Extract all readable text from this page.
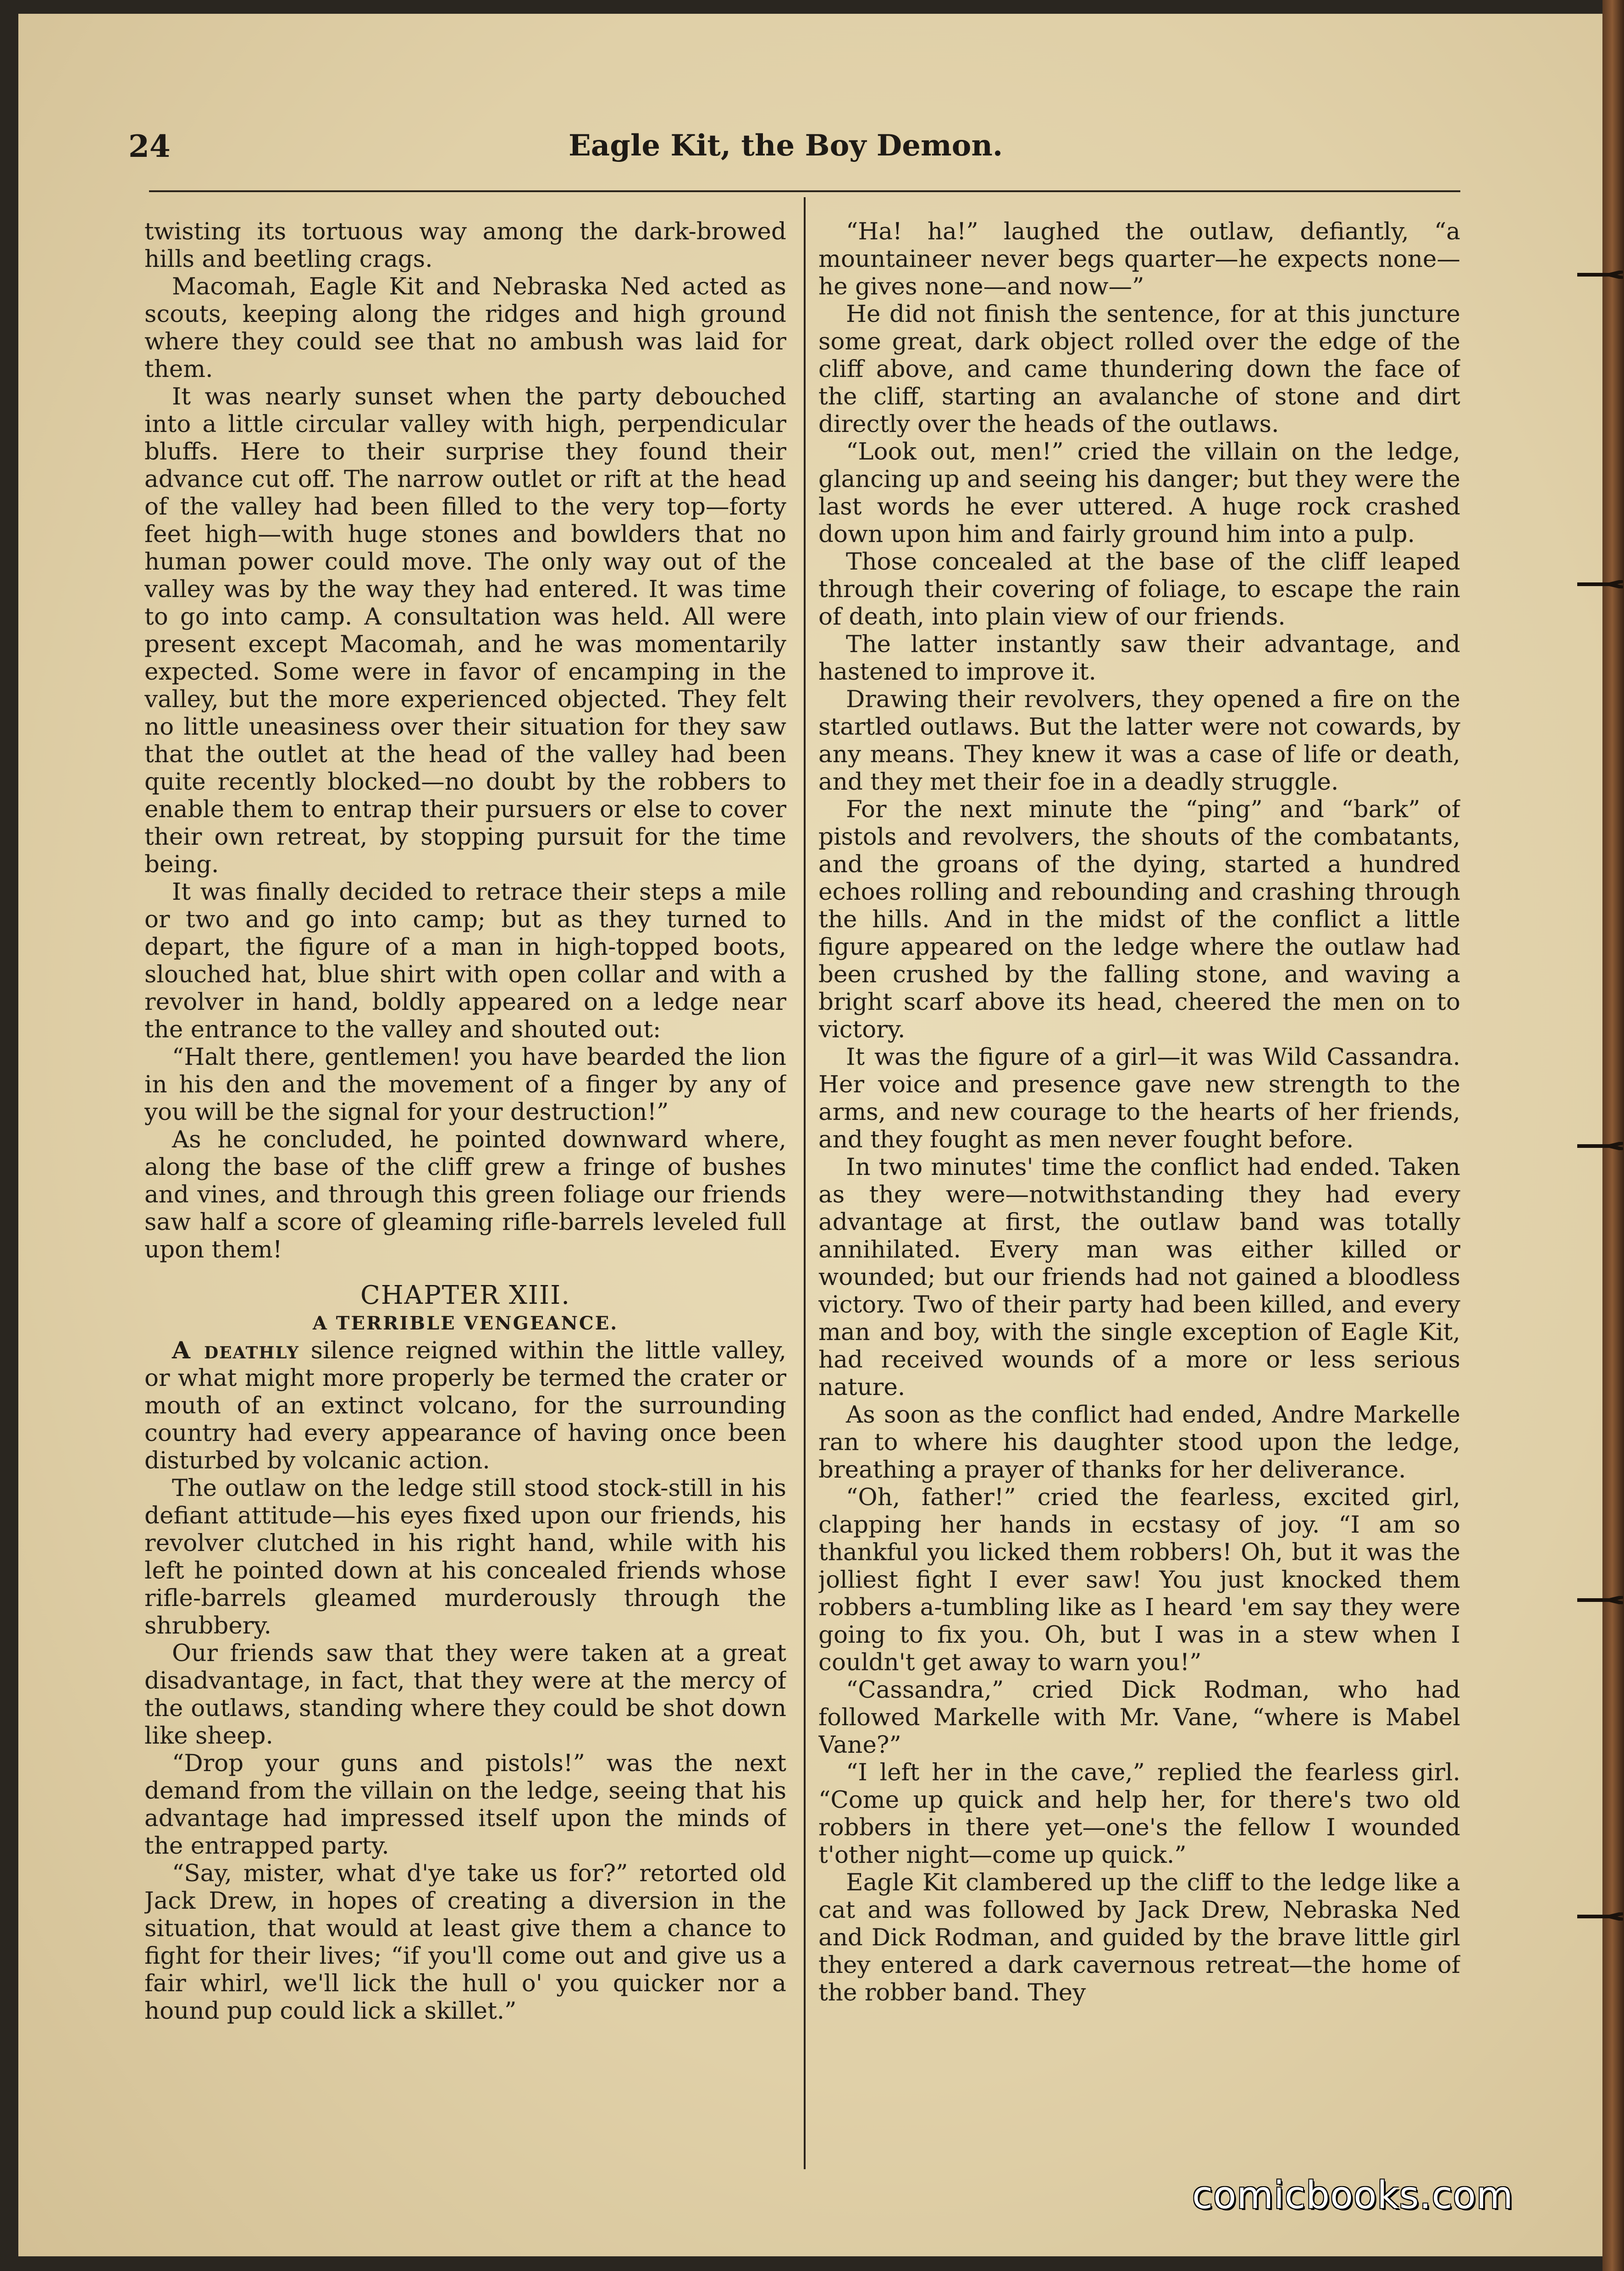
24	Eagle Kit, the Boy Demon.

twisting its tortuous way among the dark-browed hills and beetling crags.

Macomah, Eagle Kit and Nebraska Ned acted as scouts, keeping along the ridges and high ground where they could see that no ambush was laid for them.

It was nearly sunset when the party debouched into a little circular valley with high, perpendicular bluffs. Here to their surprise they found their advance cut off. The narrow outlet or rift at the head of the valley had been filled to the very top—forty feet high—with huge stones and bowlders that no human power could move. The only way out of the valley was by the way they had entered. It was time to go into camp. A consultation was held. All were present except Macomah, and he was momentarily expected. Some were in favor of encamping in the valley, but the more experienced objected. They felt no little uneasiness over their situation for they saw that the outlet at the head of the valley had been quite recently blocked—no doubt by the robbers to enable them to entrap their pursuers or else to cover their own retreat, by stopping pursuit for the time being.

It was finally decided to retrace their steps a mile or two and go into camp; but as they turned to depart, the figure of a man in high-topped boots, slouched hat, blue shirt with open collar and with a revolver in hand, boldly appeared on a ledge near the entrance to the valley and shouted out:

“Halt there, gentlemen! you have bearded the lion in his den and the movement of a finger by any of you will be the signal for your destruction!”

As he concluded, he pointed downward where, along the base of the cliff grew a fringe of bushes and vines, and through this green foliage our friends saw half a score of gleaming rifle-barrels leveled full upon them!

CHAPTER XIII.
A TERRIBLE VENGEANCE.

A deathly silence reigned within the little valley, or what might more properly be termed the crater or mouth of an extinct volcano, for the surrounding country had every appearance of having once been disturbed by volcanic action.

The outlaw on the ledge still stood stock-still in his defiant attitude—his eyes fixed upon our friends, his revolver clutched in his right hand, while with his left he pointed down at his concealed friends whose rifle-barrels gleamed murderously through the shrubbery.

Our friends saw that they were taken at a great disadvantage, in fact, that they were at the mercy of the outlaws, standing where they could be shot down like sheep.

“Drop your guns and pistols!” was the next demand from the villain on the ledge, seeing that his advantage had impressed itself upon the minds of the entrapped party.

“Say, mister, what d'ye take us for?” retorted old Jack Drew, in hopes of creating a diversion in the situation, that would at least give them a chance to fight for their lives; “if you'll come out and give us a fair whirl, we'll lick the hull o' you quicker nor a hound pup could lick a skillet.”

“Ha! ha!” laughed the outlaw, defiantly, “a mountaineer never begs quarter—he expects none—he gives none—and now—”

He did not finish the sentence, for at this juncture some great, dark object rolled over the edge of the cliff above, and came thundering down the face of the cliff, starting an avalanche of stone and dirt directly over the heads of the outlaws.

“Look out, men!” cried the villain on the ledge, glancing up and seeing his danger; but they were the last words he ever uttered. A huge rock crashed down upon him and fairly ground him into a pulp.

Those concealed at the base of the cliff leaped through their covering of foliage, to escape the rain of death, into plain view of our friends.

The latter instantly saw their advantage, and hastened to improve it.

Drawing their revolvers, they opened a fire on the startled outlaws. But the latter were not cowards, by any means. They knew it was a case of life or death, and they met their foe in a deadly struggle.

For the next minute the “ping” and “bark” of pistols and revolvers, the shouts of the combatants, and the groans of the dying, started a hundred echoes rolling and rebounding and crashing through the hills. And in the midst of the conflict a little figure appeared on the ledge where the outlaw had been crushed by the falling stone, and waving a bright scarf above its head, cheered the men on to victory.

It was the figure of a girl—it was Wild Cassandra. Her voice and presence gave new strength to the arms, and new courage to the hearts of her friends, and they fought as men never fought before.

In two minutes' time the conflict had ended. Taken as they were—notwithstanding they had every advantage at first, the outlaw band was totally annihilated. Every man was either killed or wounded; but our friends had not gained a bloodless victory. Two of their party had been killed, and every man and boy, with the single exception of Eagle Kit, had received wounds of a more or less serious nature.

As soon as the conflict had ended, Andre Markelle ran to where his daughter stood upon the ledge, breathing a prayer of thanks for her deliverance.

“Oh, father!” cried the fearless, excited girl, clapping her hands in ecstasy of joy. “I am so thankful you licked them robbers! Oh, but it was the jolliest fight I ever saw! You just knocked them robbers a-tumbling like as I heard 'em say they were going to fix you. Oh, but I was in a stew when I couldn't get away to warn you!”

“Cassandra,” cried Dick Rodman, who had followed Markelle with Mr. Vane, “where is Mabel Vane?”

“I left her in the cave,” replied the fearless girl. “Come up quick and help her, for there's two old robbers in there yet—one's the fellow I wounded t'other night—come up quick.”

Eagle Kit clambered up the cliff to the ledge like a cat and was followed by Jack Drew, Nebraska Ned and Dick Rodman, and guided by the brave little girl they entered a dark cavernous retreat—the home of the robber band. They

comicbooks.com
